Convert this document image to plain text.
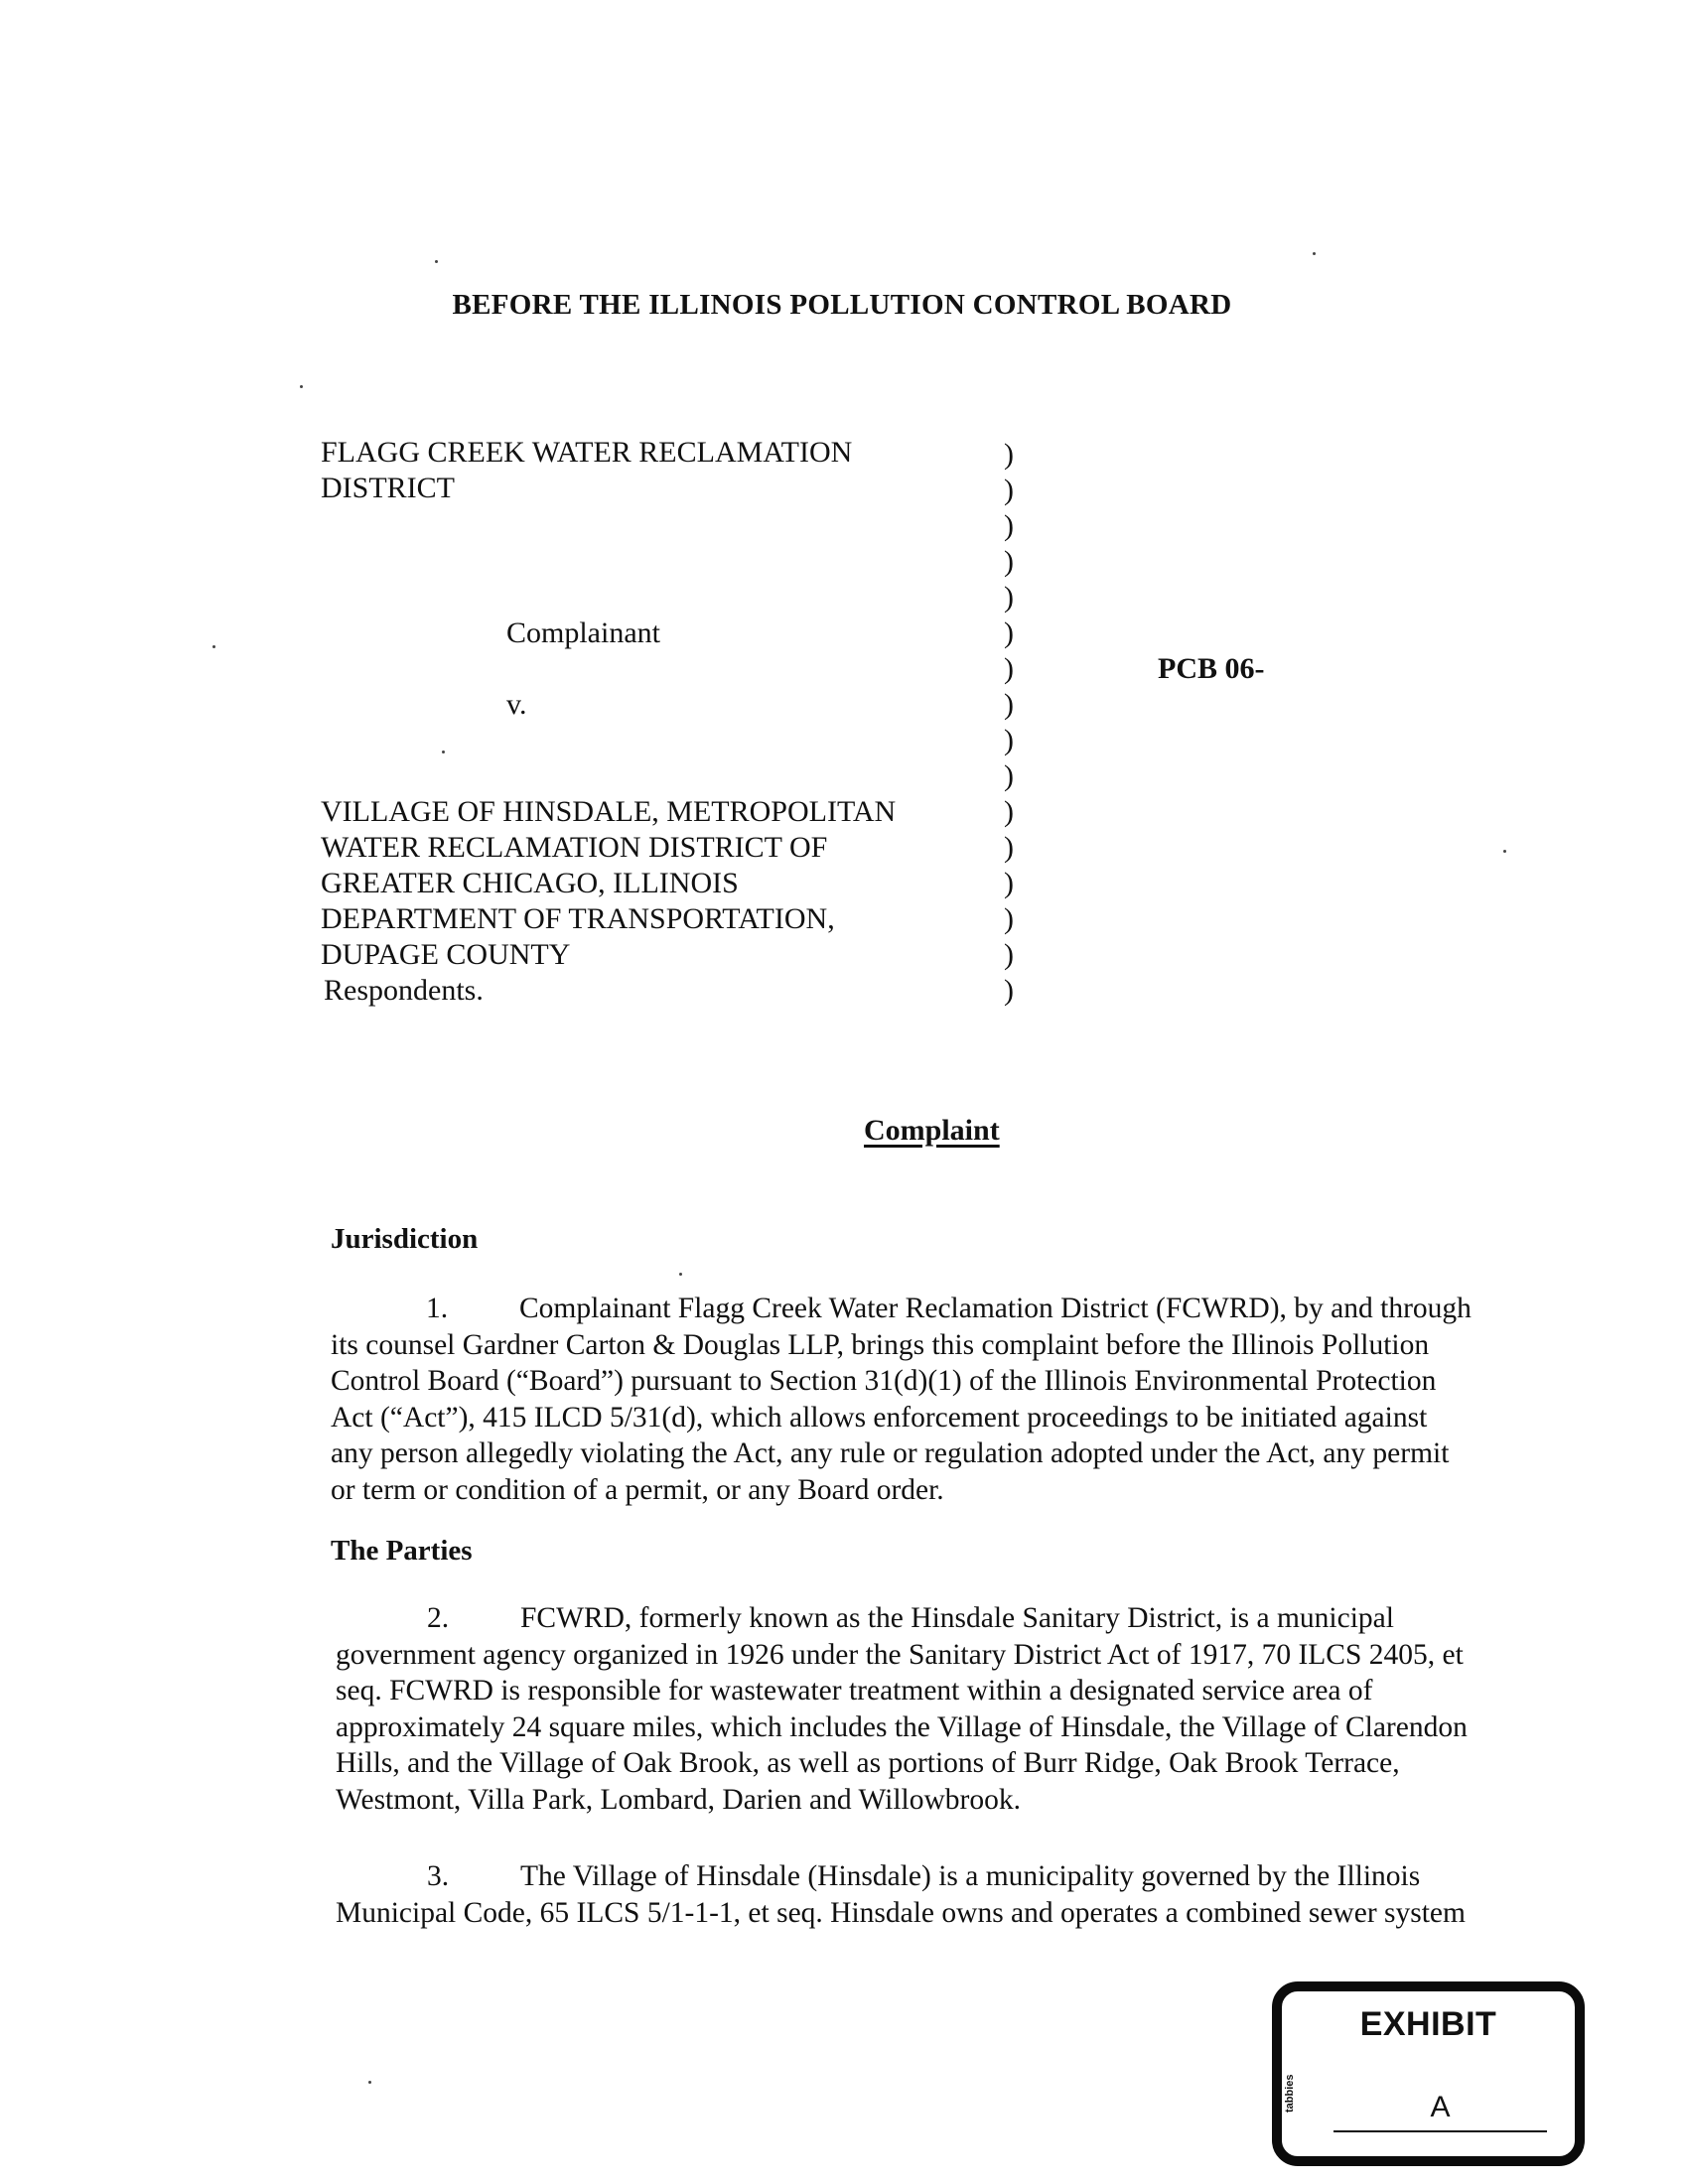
BEFORE THE ILLINOIS POLLUTION CONTROL BOARD
FLAGG CREEK WATER RECLAMATION
DISTRICT
Complainant
v.
VILLAGE OF HINSDALE, METROPOLITAN
WATER RECLAMATION DISTRICT OF
GREATER CHICAGO, ILLINOIS
DEPARTMENT OF TRANSPORTATION,
DUPAGE COUNTY
Respondents.
)
)
)
)
)
)
)
)
)
)
)
)
)
)
)
)
PCB 06-
Complaint
Jurisdiction
1. Complainant Flagg Creek Water Reclamation District (FCWRD), by and through
its counsel Gardner Carton & Douglas LLP, brings this complaint before the Illinois Pollution
Control Board (“Board”) pursuant to Section 31(d)(1) of the Illinois Environmental Protection
Act (“Act”), 415 ILCD 5/31(d), which allows enforcement proceedings to be initiated against
any person allegedly violating the Act, any rule or regulation adopted under the Act, any permit
or term or condition of a permit, or any Board order.
The Parties
2. FCWRD, formerly known as the Hinsdale Sanitary District, is a municipal
government agency organized in 1926 under the Sanitary District Act of 1917, 70 ILCS 2405, et
seq. FCWRD is responsible for wastewater treatment within a designated service area of
approximately 24 square miles, which includes the Village of Hinsdale, the Village of Clarendon
Hills, and the Village of Oak Brook, as well as portions of Burr Ridge, Oak Brook Terrace,
Westmont, Villa Park, Lombard, Darien and Willowbrook.
3. The Village of Hinsdale (Hinsdale) is a municipality governed by the Illinois
Municipal Code, 65 ILCS 5/1-1-1, et seq. Hinsdale owns and operates a combined sewer system
EXHIBIT
tabbies	A
